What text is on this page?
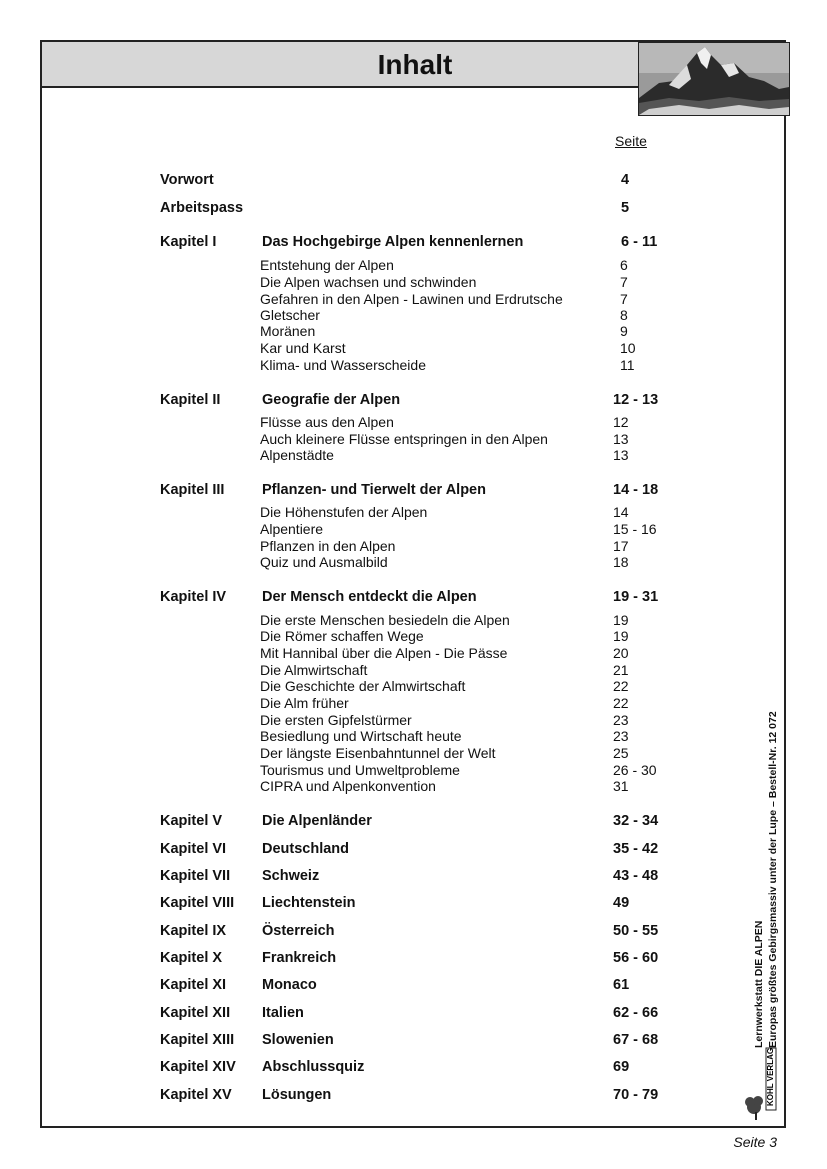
Inhalt
Seite
Vorwort	4
Arbeitspass	5
Kapitel I	Das Hochgebirge Alpen kennenlernen	6 - 11
Entstehung der Alpen	6
Die Alpen wachsen und schwinden	7
Gefahren in den Alpen - Lawinen und Erdrutsche	7
Gletscher	8
Moränen	9
Kar und Karst	10
Klima- und Wasserscheide	11
Kapitel II	Geografie der Alpen	12 - 13
Flüsse aus den Alpen	12
Auch kleinere Flüsse entspringen in den Alpen	13
Alpenstädte	13
Kapitel III	Pflanzen- und Tierwelt der Alpen	14 - 18
Die Höhenstufen der Alpen	14
Alpentiere	15 - 16
Pflanzen in den Alpen	17
Quiz und Ausmalbild	18
Kapitel IV Der Mensch entdeckt die Alpen	19 - 31
Die erste Menschen besiedeln die Alpen	19
Die Römer schaffen Wege	19
Mit Hannibal über die Alpen - Die Pässe	20
Die Almwirtschaft	21
Die Geschichte der Almwirtschaft	22
Die Alm früher	22
Die ersten Gipfelstürmer	23
Besiedlung und Wirtschaft heute	23
Der längste Eisenbahntunnel der Welt	25
Tourismus und Umweltprobleme	26 - 30
CIPRA und Alpenkonvention	31
Kapitel V	Die Alpenländer	32 - 34
Kapitel VI Deutschland	35 - 42
Kapitel VII Schweiz	43 - 48
Kapitel VIII Liechtenstein	49
Kapitel IX Österreich	50 - 55
Kapitel X	Frankreich	56 - 60
Kapitel XI Monaco	61
Kapitel XII Italien	62 - 66
Kapitel XIII Slowenien	67 - 68
Kapitel XIV Abschlussquiz	69
Kapitel XV Lösungen	70 - 79
Lernwerkstatt DIE ALPEN Europas größtes Gebirgsmassiv unter der Lupe – Bestell-Nr. 12 072
KOHL VERLAG
Seite 3
